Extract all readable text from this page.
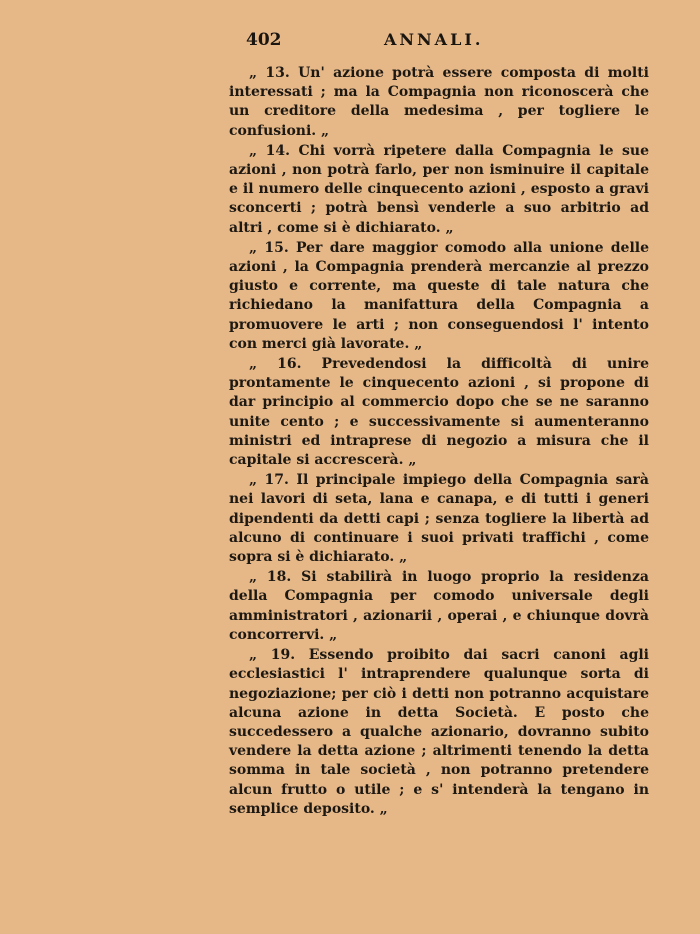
402	ANNALI.

„ 13. Un' azione potrà essere composta di molti interessati ; ma la Compagnia non riconoscerà che un creditore della medesima , per togliere le confusioni. „

„ 14. Chi vorrà ripetere dalla Compagnia le sue azioni , non potrà farlo, per non isminuire il capitale e il numero delle cinquecento azioni , esposto a gravi sconcerti ; potrà bensì venderle a suo arbitrio ad altri , come si è dichiarato. „

„ 15. Per dare maggior comodo alla unione delle azioni , la Compagnia prenderà mercanzie al prezzo giusto e corrente, ma queste di tale natura che richiedano la manifattura della Compagnia a promuovere le arti ; non conseguendosi l' intento con merci già lavorate. „

„ 16. Prevedendosi la difficoltà di unire prontamente le cinquecento azioni , si propone di dar principio al commercio dopo che se ne saranno unite cento ; e successivamente si aumenteranno ministri ed intraprese di negozio a misura che il capitale si accrescerà. „

„ 17. Il principale impiego della Compagnia sarà nei lavori di seta, lana e canapa, e di tutti i generi dipendenti da detti capi ; senza togliere la libertà ad alcuno di continuare i suoi privati traffichi , come sopra si è dichiarato. „

„ 18. Si stabilirà in luogo proprio la residenza della Compagnia per comodo universale degli amministratori , azionarii , operai , e chiunque dovrà concorrervi. „

„ 19. Essendo proibito dai sacri canoni agli ecclesiastici l' intraprendere qualunque sorta di negoziazione; per ciò i detti non potranno acquistare alcuna azione in detta Società. E posto che succedessero a qualche azionario, dovranno subito vendere la detta azione ; altrimenti tenendo la detta somma in tale società , non potranno pretendere alcun frutto o utile ; e s' intenderà la tengano in semplice deposito. „
